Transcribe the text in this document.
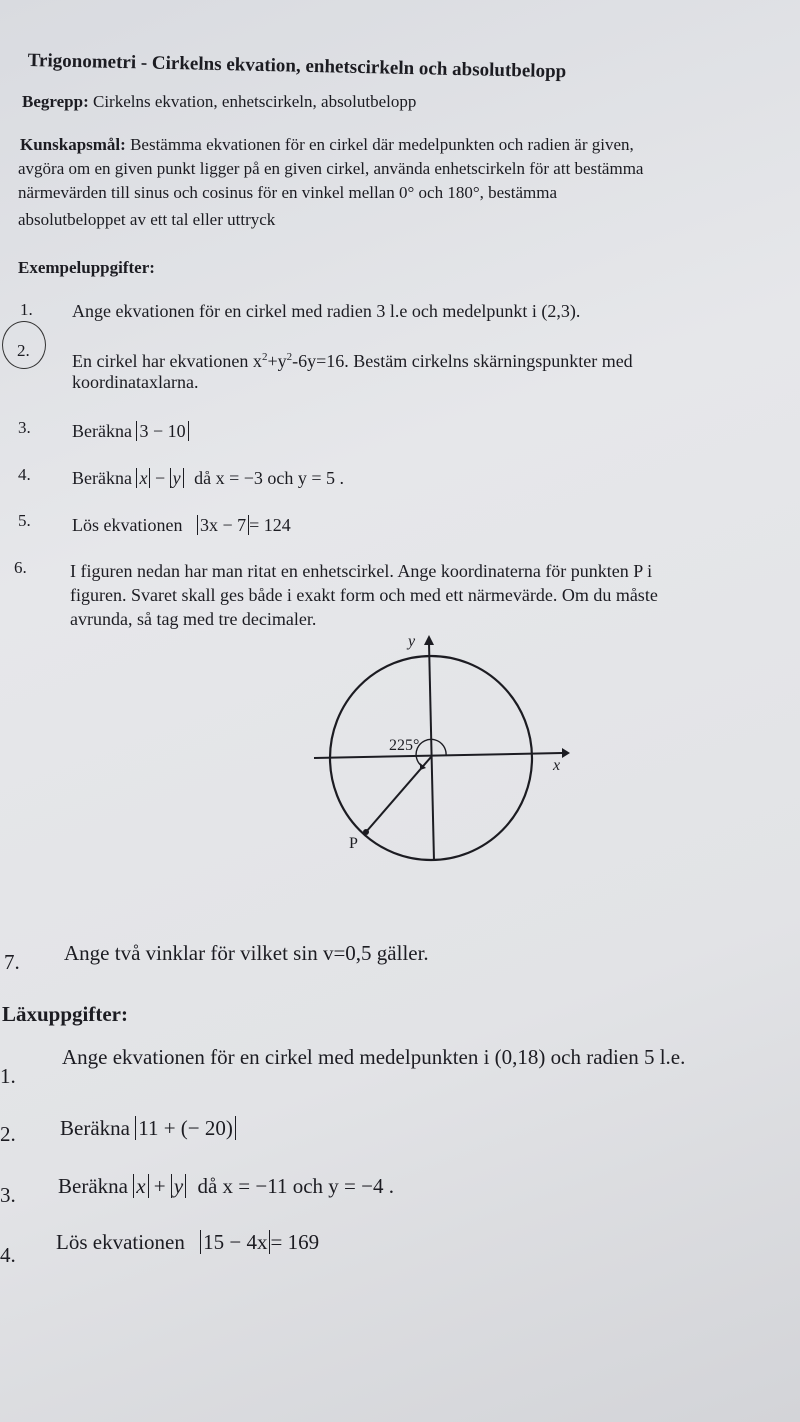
Trigonometri - Cirkelns ekvation, enhetscirkeln och absolutbelopp
Begrepp: Cirkelns ekvation, enhetscirkeln, absolutbelopp
Kunskapsmål: Bestämma ekvationen för en cirkel där medelpunkten och radien är given,
avgöra om en given punkt ligger på en given cirkel, använda enhetscirkeln för att bestämma
närmevärden till sinus och cosinus för en vinkel mellan 0° och 180°, bestämma
absolutbeloppet av ett tal eller uttryck
Exempeluppgifter:
1. Ange ekvationen för en cirkel med radien 3 l.e och medelpunkt i (2,3).
2.
En cirkel har ekvationen $x^2+y^2-6y=16$. Bestäm cirkelns skärningspunkter med
koordinataxlarna.
3. Beräkna 3 − 10
4. Beräkna x − y då x = −3 och y = 5 .
5. Lös ekvationen 3x − 7 = 124
6. I figuren nedan har man ritat en enhetscirkel. Ange koordinaterna för punkten P i
figuren. Svaret skall ges både i exakt form och med ett närmevärde. Om du måste
avrunda, så tag med tre decimaler.
y
x
225°
P
7. Ange två vinklar för vilket sin v=0,5 gäller.
Läxuppgifter:
1.
Ange ekvationen för en cirkel med medelpunkten i (0,18) och radien 5 l.e.
2. Beräkna 11 + (− 20)
3. Beräkna x + y då x = −11 och y = −4 .
4.
Lös ekvationen 15 − 4x = 169
